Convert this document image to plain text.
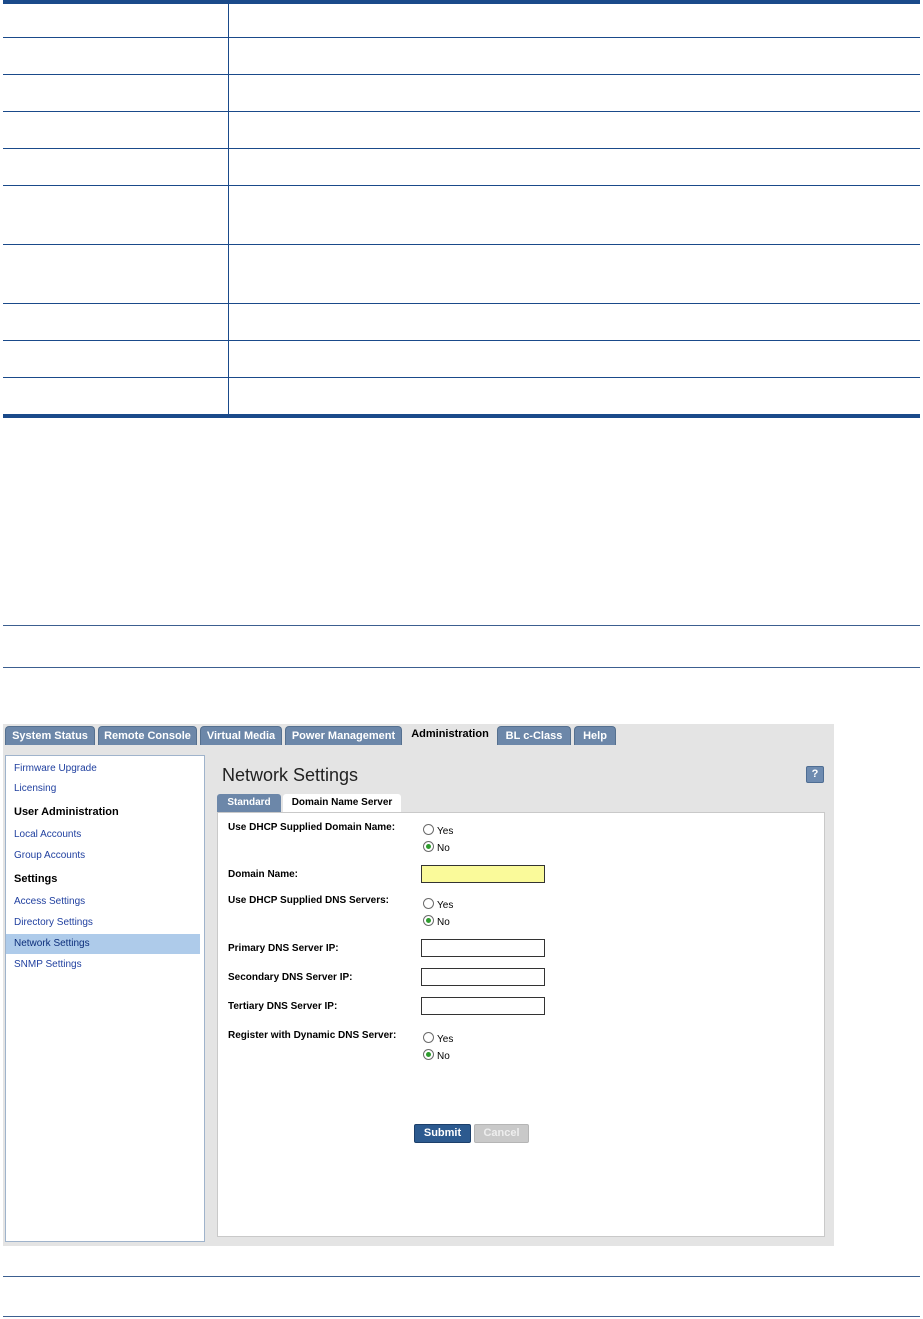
System Status	Remote Console	Virtual Media	Power Management	Administration	BL c-Class	Help
Firmware Upgrade
Licensing
User Administration
Local Accounts
Group Accounts
Settings
Access Settings
Directory Settings
Network Settings
SNMP Settings
Network Settings	?
Standard	Domain Name Server
Use DHCP Supplied Domain Name:	Yes
No
Domain Name:
Use DHCP Supplied DNS Servers:	Yes
No
Primary DNS Server IP:
Secondary DNS Server IP:
Tertiary DNS Server IP:
Register with Dynamic DNS Server:	Yes
No
Submit	Cancel
